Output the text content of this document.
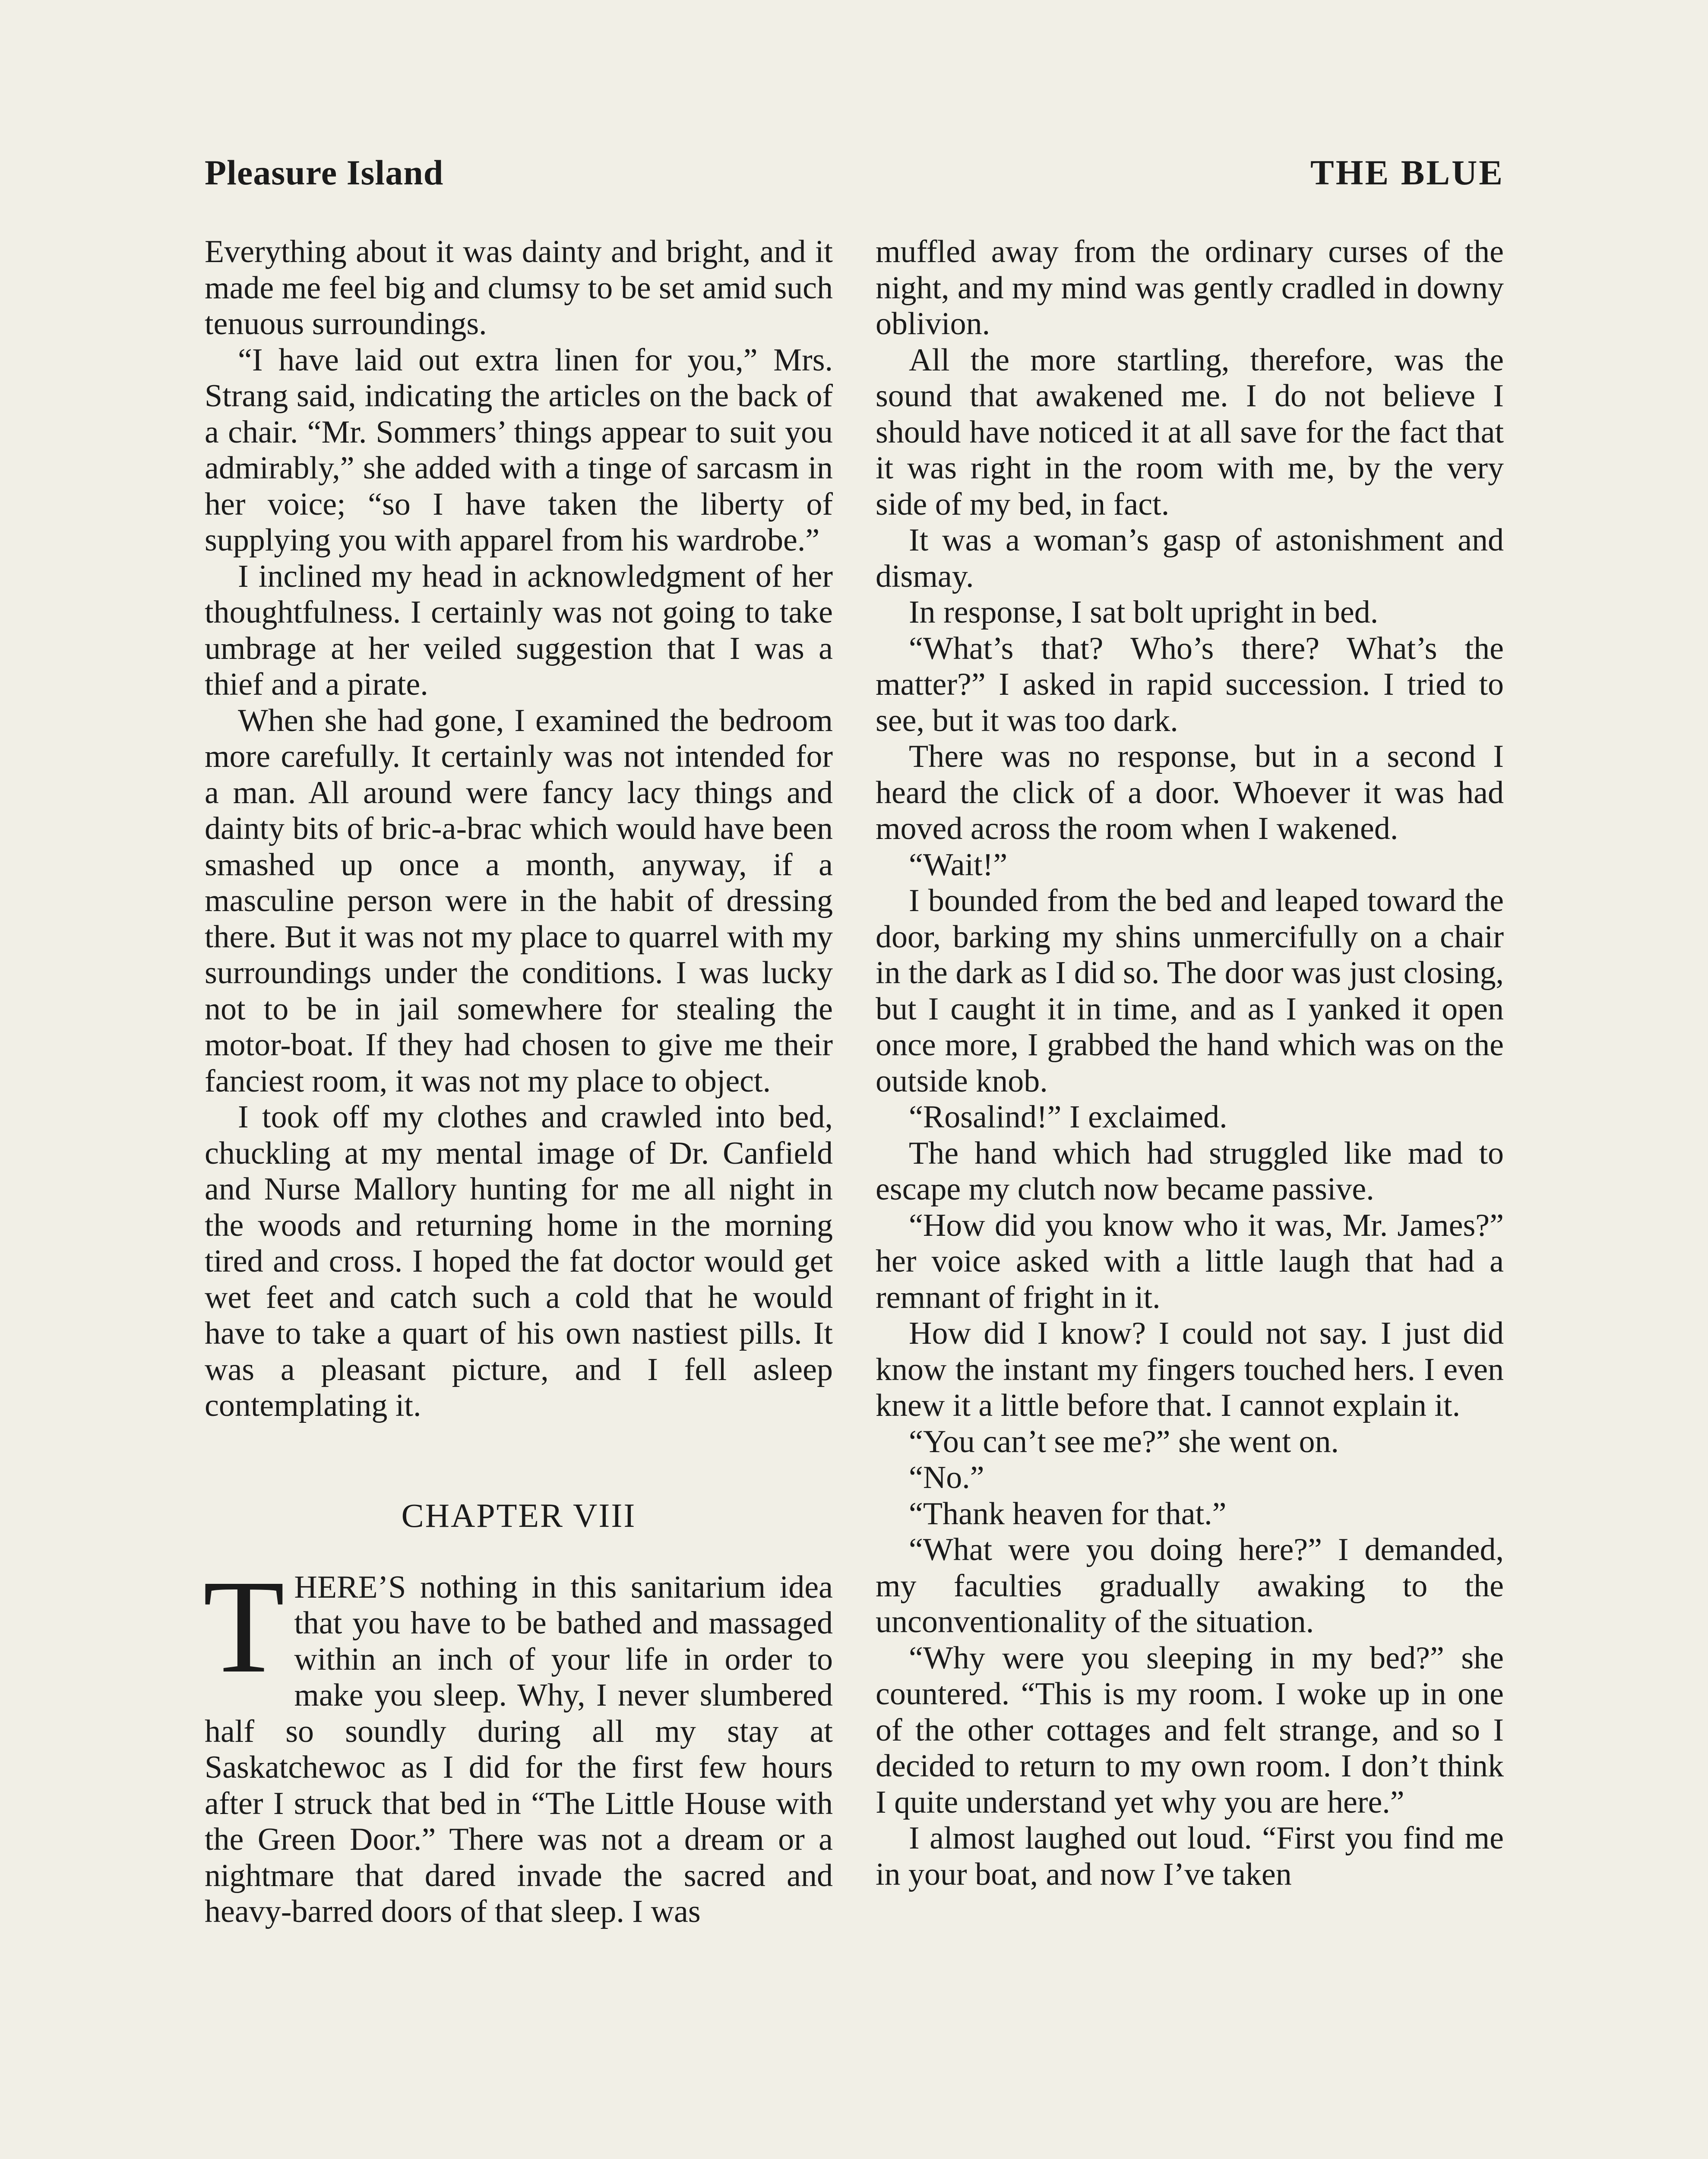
Pleasure Island	THE BLUE

Everything about it was dainty and bright, and it made me feel big and clumsy to be set amid such tenuous surroundings.

“I have laid out extra linen for you,” Mrs. Strang said, indicating the articles on the back of a chair. “Mr. Sommers’ things appear to suit you admirably,” she added with a tinge of sarcasm in her voice; “so I have taken the liberty of supplying you with apparel from his wardrobe.”

I inclined my head in acknowledgment of her thoughtfulness. I certainly was not going to take umbrage at her veiled suggestion that I was a thief and a pirate.

When she had gone, I examined the bedroom more carefully. It certainly was not intended for a man. All around were fancy lacy things and dainty bits of bric-a-brac which would have been smashed up once a month, anyway, if a masculine person were in the habit of dressing there. But it was not my place to quarrel with my surroundings under the conditions. I was lucky not to be in jail somewhere for stealing the motor-boat. If they had chosen to give me their fanciest room, it was not my place to object.

I took off my clothes and crawled into bed, chuckling at my mental image of Dr. Canfield and Nurse Mallory hunting for me all night in the woods and returning home in the morning tired and cross. I hoped the fat doctor would get wet feet and catch such a cold that he would have to take a quart of his own nastiest pills. It was a pleasant picture, and I fell asleep contemplating it.

CHAPTER VIII

THERE’S nothing in this sanitarium idea that you have to be bathed and massaged within an inch of your life in order to make you sleep. Why, I never slumbered half so soundly during all my stay at Saskatchewoc as I did for the first few hours after I struck that bed in “The Little House with the Green Door.” There was not a dream or a nightmare that dared invade the sacred and heavy-barred doors of that sleep. I was

muffled away from the ordinary curses of the night, and my mind was gently cradled in downy oblivion.

All the more startling, therefore, was the sound that awakened me. I do not believe I should have noticed it at all save for the fact that it was right in the room with me, by the very side of my bed, in fact.

It was a woman’s gasp of astonishment and dismay.

In response, I sat bolt upright in bed.

“What’s that? Who’s there? What’s the matter?” I asked in rapid succession. I tried to see, but it was too dark.

There was no response, but in a second I heard the click of a door. Whoever it was had moved across the room when I wakened.

“Wait!”

I bounded from the bed and leaped toward the door, barking my shins unmercifully on a chair in the dark as I did so. The door was just closing, but I caught it in time, and as I yanked it open once more, I grabbed the hand which was on the outside knob.

“Rosalind!” I exclaimed.

The hand which had struggled like mad to escape my clutch now became passive.

“How did you know who it was, Mr. James?” her voice asked with a little laugh that had a remnant of fright in it.

How did I know? I could not say. I just did know the instant my fingers touched hers. I even knew it a little before that. I cannot explain it.

“You can’t see me?” she went on.

“No.”

“Thank heaven for that.”

“What were you doing here?” I demanded, my faculties gradually awaking to the unconventionality of the situation.

“Why were you sleeping in my bed?” she countered. “This is my room. I woke up in one of the other cottages and felt strange, and so I decided to return to my own room. I don’t think I quite understand yet why you are here.”

I almost laughed out loud. “First you find me in your boat, and now I’ve taken
